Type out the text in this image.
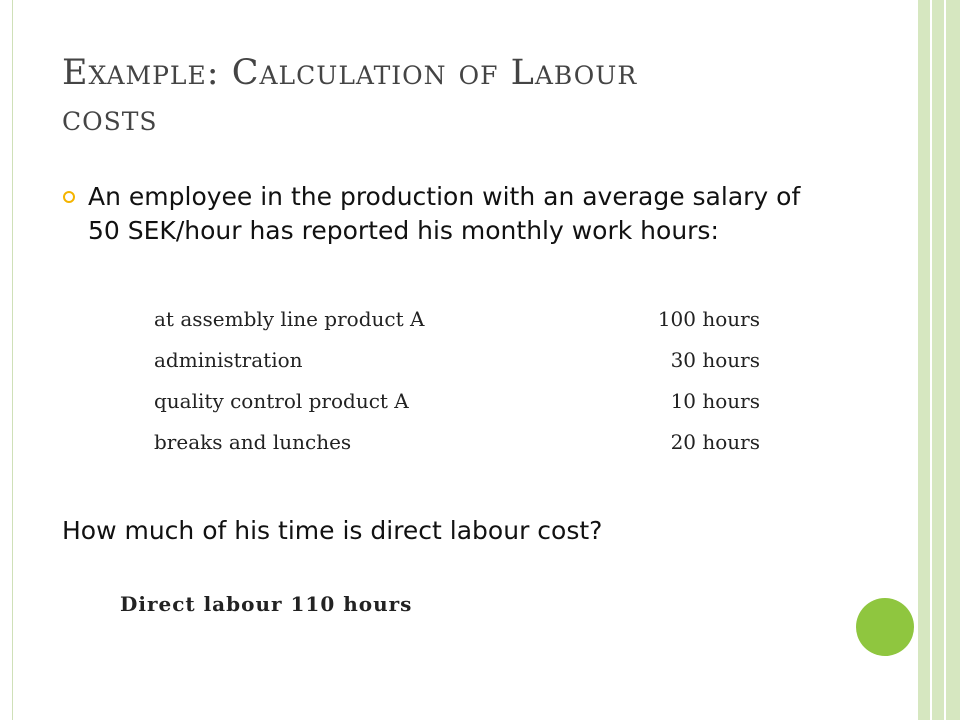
Example: Calculation of Labour
costs
An employee in the production with an average salary of 50 SEK/hour has reported his monthly work hours:
at assembly line product A	100 hours
administration	30 hours
quality control product A	10 hours
breaks and lunches	20 hours
How much of his time is direct labour cost?
Direct labour 110 hours
